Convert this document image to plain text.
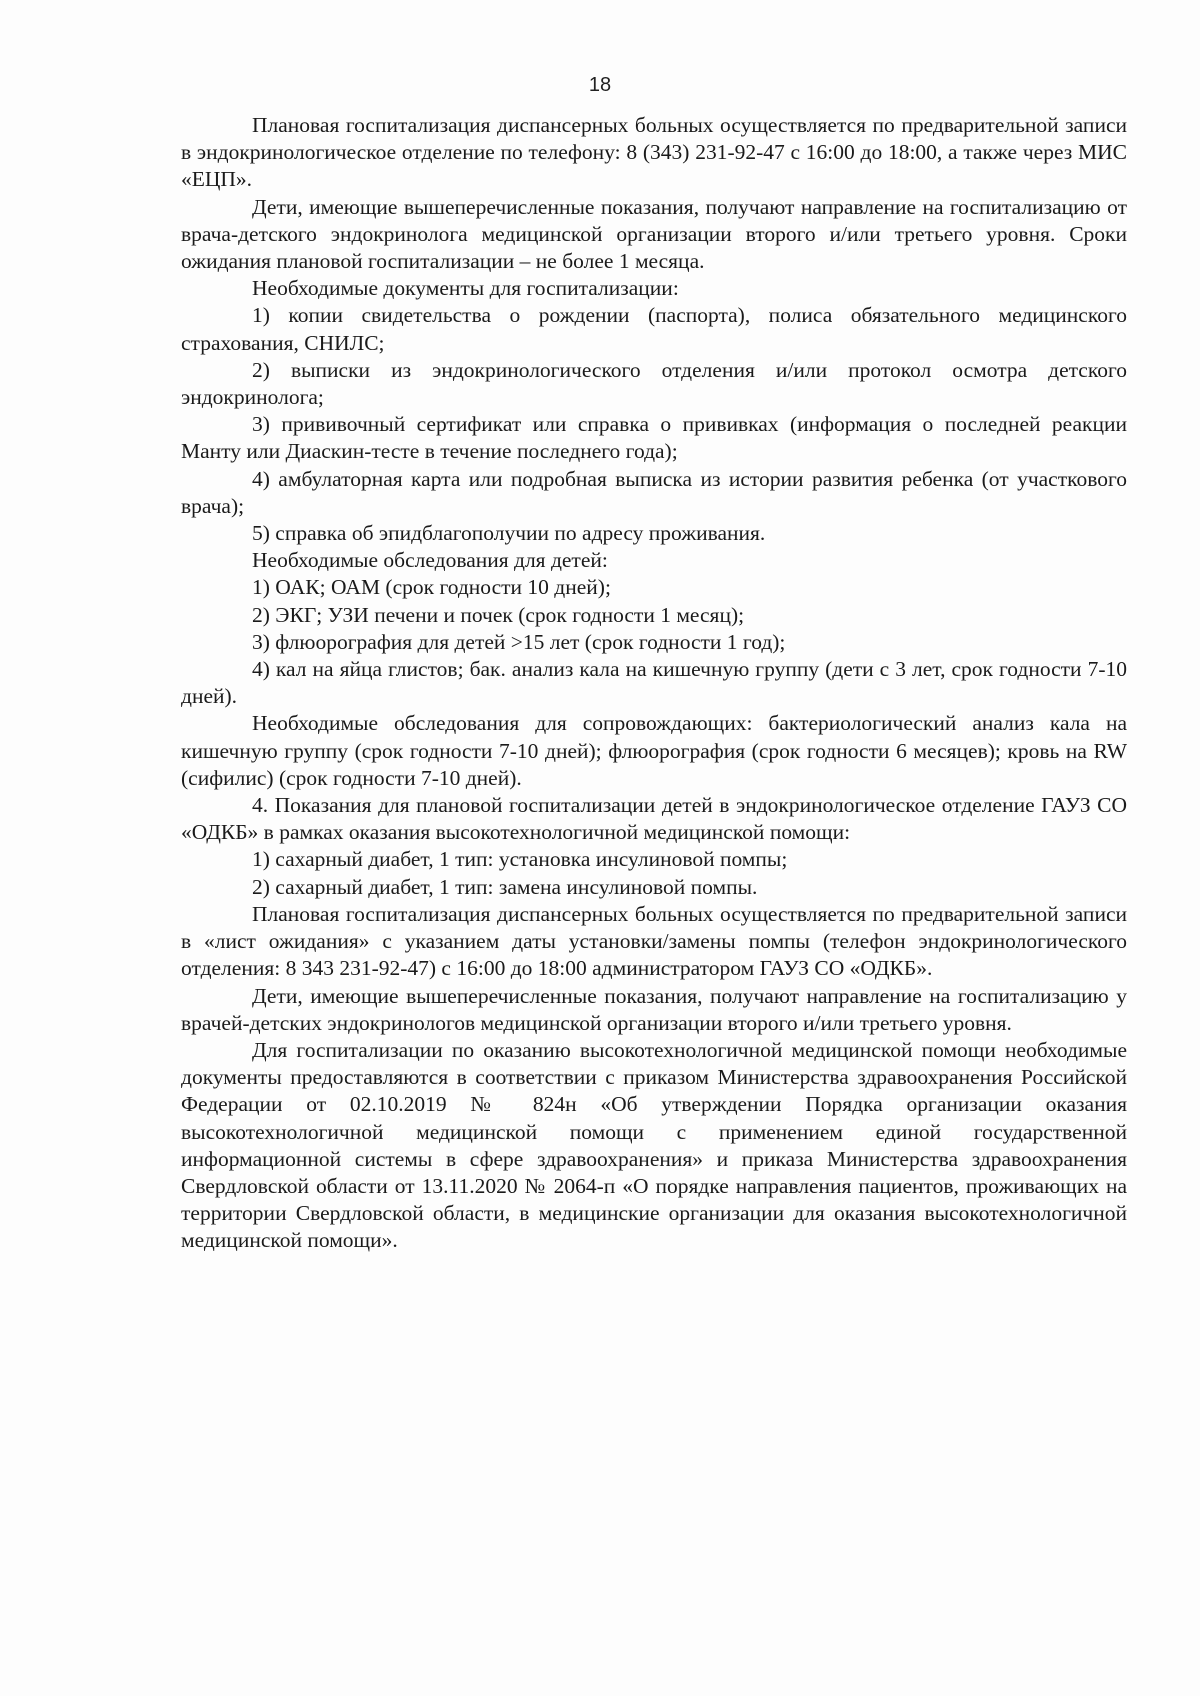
18

Плановая госпитализация диспансерных больных осуществляется по предварительной записи в эндокринологическое отделение по телефону: 8 (343) 231-92-47 с 16:00 до 18:00, а также через МИС «ЕЦП».

Дети, имеющие вышеперечисленные показания, получают направление на госпитализацию от врача-детского эндокринолога медицинской организации второго и/или третьего уровня. Сроки ожидания плановой госпитализации – не более 1 месяца.

Необходимые документы для госпитализации:

1) копии свидетельства о рождении (паспорта), полиса обязательного медицинского страхования, СНИЛС;

2) выписки из эндокринологического отделения и/или протокол осмотра детского эндокринолога;

3) прививочный сертификат или справка о прививках (информация о последней реакции Манту или Диаскин-тесте в течение последнего года);

4) амбулаторная карта или подробная выписка из истории развития ребенка (от участкового врача);

5) справка об эпидблагополучии по адресу проживания.

Необходимые обследования для детей:

1) ОАК; ОАМ (срок годности 10 дней);

2) ЭКГ; УЗИ печени и почек (срок годности 1 месяц);

3) флюорография для детей >15 лет (срок годности 1 год);

4) кал на яйца глистов; бак. анализ кала на кишечную группу (дети с 3 лет, срок годности 7-10 дней).

Необходимые обследования для сопровождающих: бактериологический анализ кала на кишечную группу (срок годности 7-10 дней); флюорография (срок годности 6 месяцев); кровь на RW (сифилис) (срок годности 7-10 дней).

4. Показания для плановой госпитализации детей в эндокринологическое отделение ГАУЗ СО «ОДКБ» в рамках оказания высокотехнологичной медицинской помощи:

1) сахарный диабет, 1 тип: установка инсулиновой помпы;

2) сахарный диабет, 1 тип: замена инсулиновой помпы.

Плановая госпитализация диспансерных больных осуществляется по предварительной записи в «лист ожидания» с указанием даты установки/замены помпы (телефон эндокринологического отделения: 8 343 231-92-47) с 16:00 до 18:00 администратором ГАУЗ СО «ОДКБ».

Дети, имеющие вышеперечисленные показания, получают направление на госпитализацию у врачей-детских эндокринологов медицинской организации второго и/или третьего уровня.

Для госпитализации по оказанию высокотехнологичной медицинской помощи необходимые документы предоставляются в соответствии с приказом Министерства здравоохранения Российской Федерации от 02.10.2019 № 824н «Об утверждении Порядка организации оказания высокотехнологичной медицинской помощи с применением единой государственной информационной системы в сфере здравоохранения» и приказа Министерства здравоохранения Свердловской области от 13.11.2020 № 2064-п «О порядке направления пациентов, проживающих на территории Свердловской области, в медицинские организации для оказания высокотехнологичной медицинской помощи».
